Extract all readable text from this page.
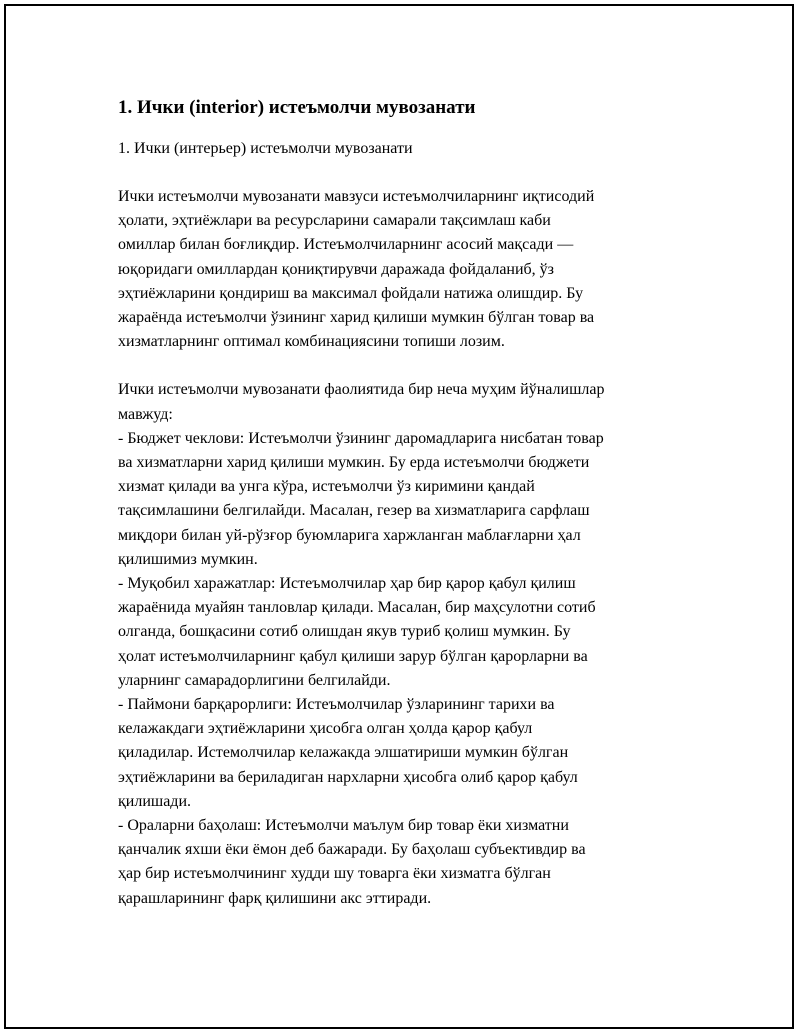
1. Ички (interior) истеъмолчи мувозанати

1. Ички (интерьер) истеъмолчи мувозанати

Ички истеъмолчи мувозанати мавзуси истеъмолчиларнинг иқтисодий
ҳолати, эҳтиёжлари ва ресурсларини самарали тақсимлаш каби
омиллар билан боғлиқдир. Истеъмолчиларнинг асосий мақсади —
юқоридаги омиллардан қониқтирувчи даражада фойдаланиб, ўз
эҳтиёжларини қондириш ва максимал фойдали натижа олишдир. Бу
жараёнда истеъмолчи ўзининг харид қилиши мумкин бўлган товар ва
хизматларнинг оптимал комбинациясини топиши лозим.

Ички истеъмолчи мувозанати фаолиятида бир неча муҳим йўналишлар
мавжуд:
- Бюджет чеклови: Истеъмолчи ўзининг даромадларига нисбатан товар
ва хизматларни харид қилиши мумкин. Бу ерда истеъмолчи бюджети
хизмат қилади ва унга кўра, истеъмолчи ўз киримини қандай
тақсимлашини белгилайди. Масалан, гезер ва хизматларига сарфлаш
миқдори билан уй-рўзғор буюмларига харжланган маблағларни ҳал
қилишимиз мумкин.
- Муқобил харажатлар: Истеъмолчилар ҳар бир қарор қабул қилиш
жараёнида муайян танловлар қилади. Масалан, бир маҳсулотни сотиб
олганда, бошқасини сотиб олишдан якув туриб қолиш мумкин. Бу
ҳолат истеъмолчиларнинг қабул қилиши зарур бўлган қарорларни ва
уларнинг самарадорлигини белгилайди.
- Паймони барқарорлиги: Истеъмолчилар ўзларининг тарихи ва
келажакдаги эҳтиёжларини ҳисобга олган ҳолда қарор қабул
қиладилар. Истемолчилар келажакда элшатириши мумкин бўлган
эҳтиёжларини ва бериладиган нархларни ҳисобга олиб қарор қабул
қилишади.
- Ораларни баҳолаш: Истеъмолчи маълум бир товар ёки хизматни
қанчалик яхши ёки ёмон деб бажаради. Бу баҳолаш субъективдир ва
ҳар бир истеъмолчининг худди шу товарга ёки хизматга бўлган
қарашларининг фарқ қилишини акс эттиради.
